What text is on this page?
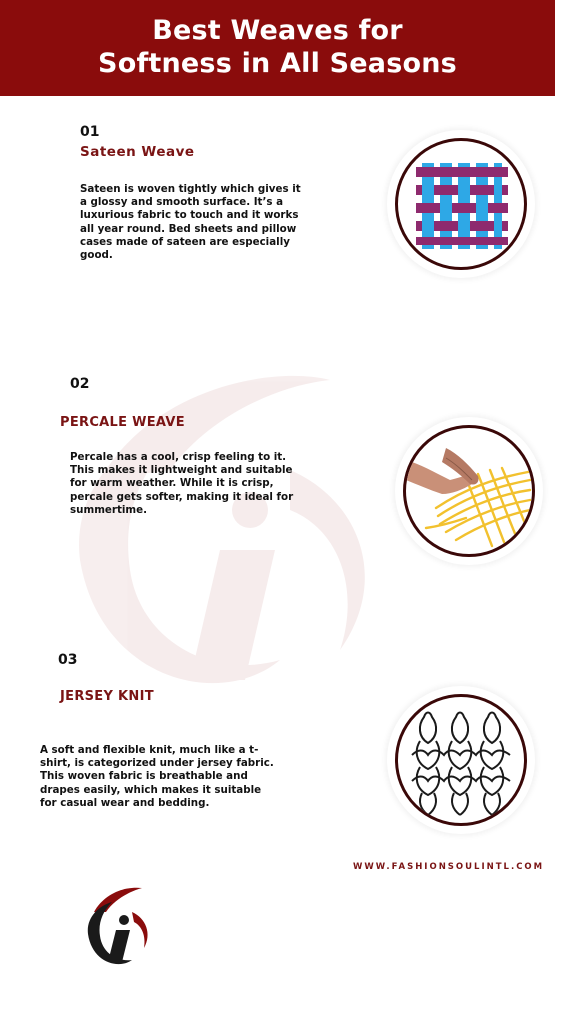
Best Weaves for
Softness in All Seasons
01
Sateen Weave

Sateen is woven tightly which gives it a glossy and smooth surface. It’s a luxurious fabric to touch and it works all year round. Bed sheets and pillow cases made of sateen are especially good.

02
PERCALE WEAVE

Percale has a cool, crisp feeling to it. This makes it lightweight and suitable for warm weather. While it is crisp, percale gets softer, making it ideal for summertime.

03
JERSEY KNIT

A soft and flexible knit, much like a t-shirt, is categorized under jersey fabric. This woven fabric is breathable and drapes easily, which makes it suitable for casual wear and bedding.

WWW.FASHIONSOULINTL.COM
